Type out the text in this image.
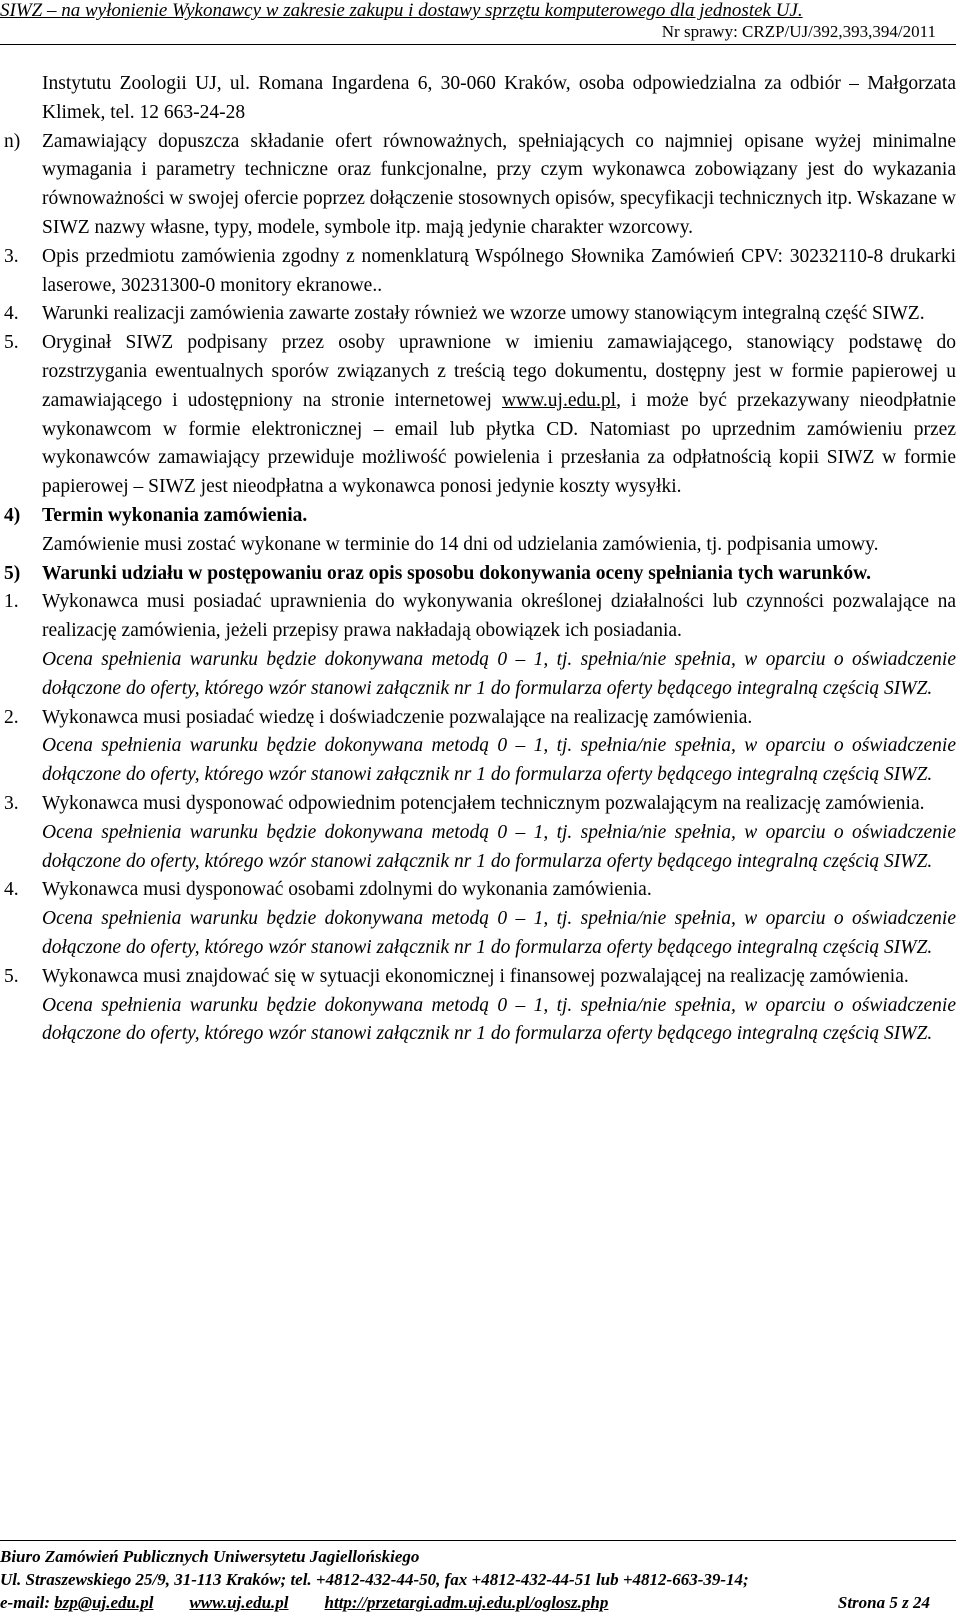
SIWZ – na wyłonienie Wykonawcy w zakresie zakupu i dostawy sprzętu komputerowego dla jednostek UJ.
Nr sprawy: CRZP/UJ/392,393,394/2011
Instytutu Zoologii UJ, ul. Romana Ingardena 6, 30-060 Kraków, osoba odpowiedzialna za odbiór – Małgorzata Klimek, tel. 12 663-24-28
n) Zamawiający dopuszcza składanie ofert równoważnych, spełniających co najmniej opisane wyżej minimalne wymagania i parametry techniczne oraz funkcjonalne, przy czym wykonawca zobowiązany jest do wykazania równoważności w swojej ofercie poprzez dołączenie stosownych opisów, specyfikacji technicznych itp. Wskazane w SIWZ nazwy własne, typy, modele, symbole itp. mają jedynie charakter wzorcowy.
3. Opis przedmiotu zamówienia zgodny z nomenklaturą Wspólnego Słownika Zamówień CPV: 30232110-8 drukarki laserowe, 30231300-0 monitory ekranowe..
4. Warunki realizacji zamówienia zawarte zostały również we wzorze umowy stanowiącym integralną część SIWZ.
5. Oryginał SIWZ podpisany przez osoby uprawnione w imieniu zamawiającego, stanowiący podstawę do rozstrzygania ewentualnych sporów związanych z treścią tego dokumentu, dostępny jest w formie papierowej u zamawiającego i udostępniony na stronie internetowej www.uj.edu.pl, i może być przekazywany nieodpłatnie wykonawcom w formie elektronicznej – email lub płytka CD. Natomiast po uprzednim zamówieniu przez wykonawców zamawiający przewiduje możliwość powielenia i przesłania za odpłatnością kopii SIWZ w formie papierowej – SIWZ jest nieodpłatna a wykonawca ponosi jedynie koszty wysyłki.
4) Termin wykonania zamówienia.
Zamówienie musi zostać wykonane w terminie do 14 dni od udzielania zamówienia, tj. podpisania umowy.
5) Warunki udziału w postępowaniu oraz opis sposobu dokonywania oceny spełniania tych warunków.
1. Wykonawca musi posiadać uprawnienia do wykonywania określonej działalności lub czynności pozwalające na realizację zamówienia, jeżeli przepisy prawa nakładają obowiązek ich posiadania.
Ocena spełnienia warunku będzie dokonywana metodą 0 – 1, tj. spełnia/nie spełnia, w oparciu o oświadczenie dołączone do oferty, którego wzór stanowi załącznik nr 1 do formularza oferty będącego integralną częścią SIWZ.
2. Wykonawca musi posiadać wiedzę i doświadczenie pozwalające na realizację zamówienia.
Ocena spełnienia warunku będzie dokonywana metodą 0 – 1, tj. spełnia/nie spełnia, w oparciu o oświadczenie dołączone do oferty, którego wzór stanowi załącznik nr 1 do formularza oferty będącego integralną częścią SIWZ.
3. Wykonawca musi dysponować odpowiednim potencjałem technicznym pozwalającym na realizację zamówienia.
Ocena spełnienia warunku będzie dokonywana metodą 0 – 1, tj. spełnia/nie spełnia, w oparciu o oświadczenie dołączone do oferty, którego wzór stanowi załącznik nr 1 do formularza oferty będącego integralną częścią SIWZ.
4. Wykonawca musi dysponować osobami zdolnymi do wykonania zamówienia.
Ocena spełnienia warunku będzie dokonywana metodą 0 – 1, tj. spełnia/nie spełnia, w oparciu o oświadczenie dołączone do oferty, którego wzór stanowi załącznik nr 1 do formularza oferty będącego integralną częścią SIWZ.
5. Wykonawca musi znajdować się w sytuacji ekonomicznej i finansowej pozwalającej na realizację zamówienia.
Ocena spełnienia warunku będzie dokonywana metodą 0 – 1, tj. spełnia/nie spełnia, w oparciu o oświadczenie dołączone do oferty, którego wzór stanowi załącznik nr 1 do formularza oferty będącego integralną częścią SIWZ.
Biuro Zamówień Publicznych Uniwersytetu Jagiellońskiego
Ul. Straszewskiego 25/9, 31-113 Kraków; tel. +4812-432-44-50, fax +4812-432-44-51 lub +4812-663-39-14;
e-mail: bzp@uj.edu.pl www.uj.edu.pl http://przetargi.adm.uj.edu.pl/oglosz.php	Strona 5 z 24
